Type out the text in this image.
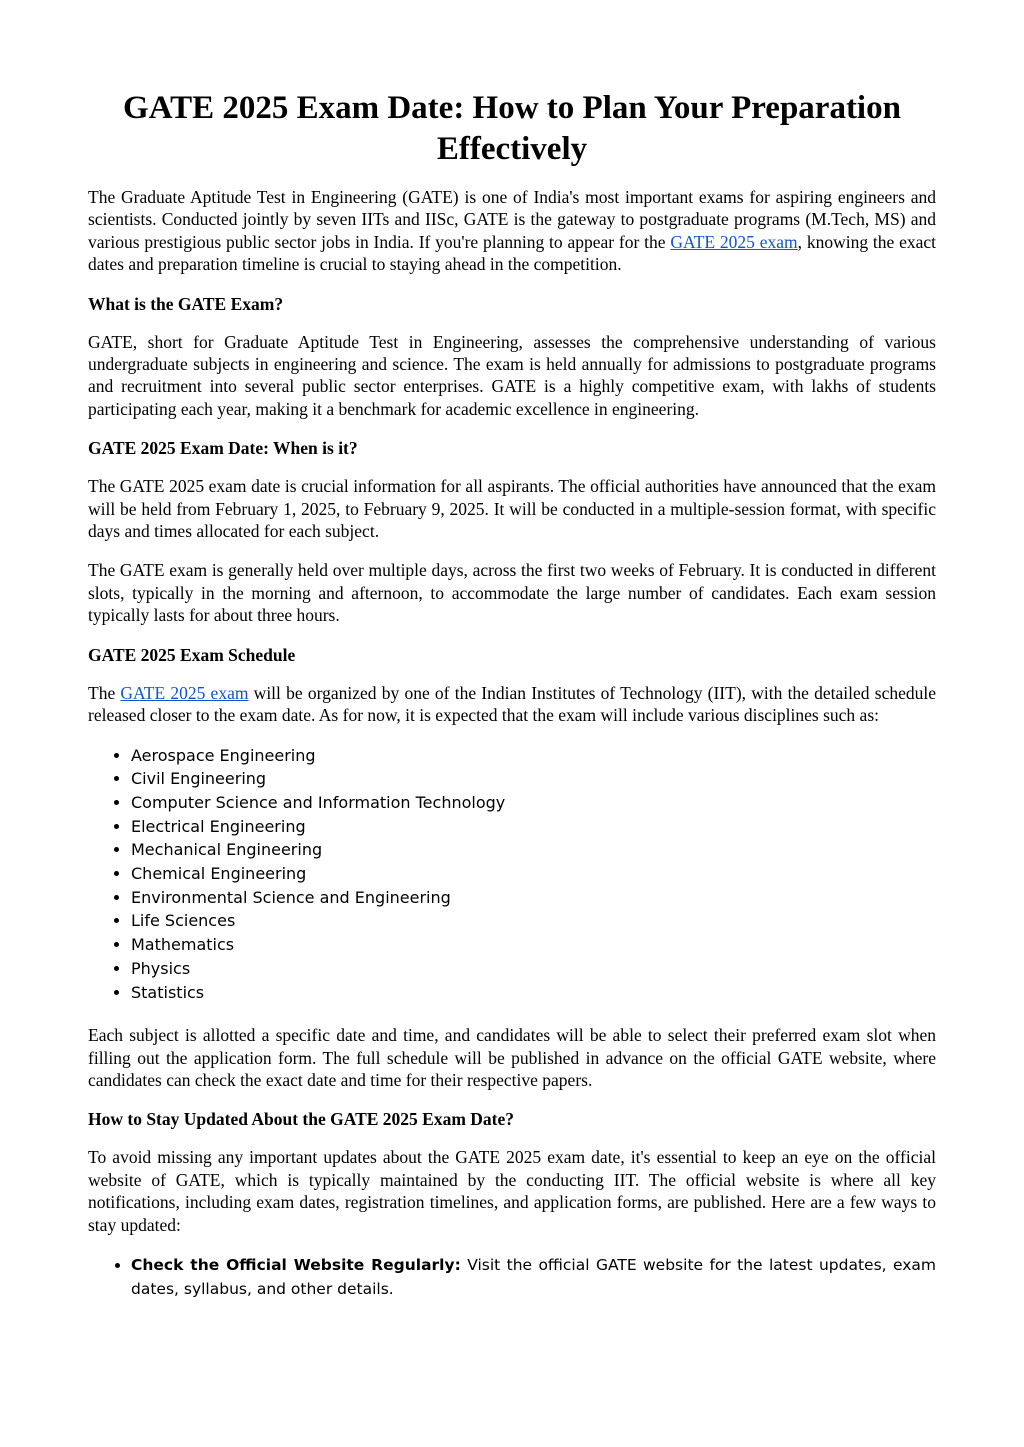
GATE 2025 Exam Date: How to Plan Your Preparation Effectively

The Graduate Aptitude Test in Engineering (GATE) is one of India's most important exams for aspiring engineers and scientists. Conducted jointly by seven IITs and IISc, GATE is the gateway to postgraduate programs (M.Tech, MS) and various prestigious public sector jobs in India. If you're planning to appear for the GATE 2025 exam, knowing the exact dates and preparation timeline is crucial to staying ahead in the competition.

What is the GATE Exam?

GATE, short for Graduate Aptitude Test in Engineering, assesses the comprehensive understanding of various undergraduate subjects in engineering and science. The exam is held annually for admissions to postgraduate programs and recruitment into several public sector enterprises. GATE is a highly competitive exam, with lakhs of students participating each year, making it a benchmark for academic excellence in engineering.

GATE 2025 Exam Date: When is it?

The GATE 2025 exam date is crucial information for all aspirants. The official authorities have announced that the exam will be held from February 1, 2025, to February 9, 2025. It will be conducted in a multiple-session format, with specific days and times allocated for each subject.

The GATE exam is generally held over multiple days, across the first two weeks of February. It is conducted in different slots, typically in the morning and afternoon, to accommodate the large number of candidates. Each exam session typically lasts for about three hours.

GATE 2025 Exam Schedule

The GATE 2025 exam will be organized by one of the Indian Institutes of Technology (IIT), with the detailed schedule released closer to the exam date. As for now, it is expected that the exam will include various disciplines such as:

• Aerospace Engineering
• Civil Engineering
• Computer Science and Information Technology
• Electrical Engineering
• Mechanical Engineering
• Chemical Engineering
• Environmental Science and Engineering
• Life Sciences
• Mathematics
• Physics
• Statistics

Each subject is allotted a specific date and time, and candidates will be able to select their preferred exam slot when filling out the application form. The full schedule will be published in advance on the official GATE website, where candidates can check the exact date and time for their respective papers.

How to Stay Updated About the GATE 2025 Exam Date?

To avoid missing any important updates about the GATE 2025 exam date, it's essential to keep an eye on the official website of GATE, which is typically maintained by the conducting IIT. The official website is where all key notifications, including exam dates, registration timelines, and application forms, are published. Here are a few ways to stay updated:

• Check the Official Website Regularly: Visit the official GATE website for the latest updates, exam dates, syllabus, and other details.
